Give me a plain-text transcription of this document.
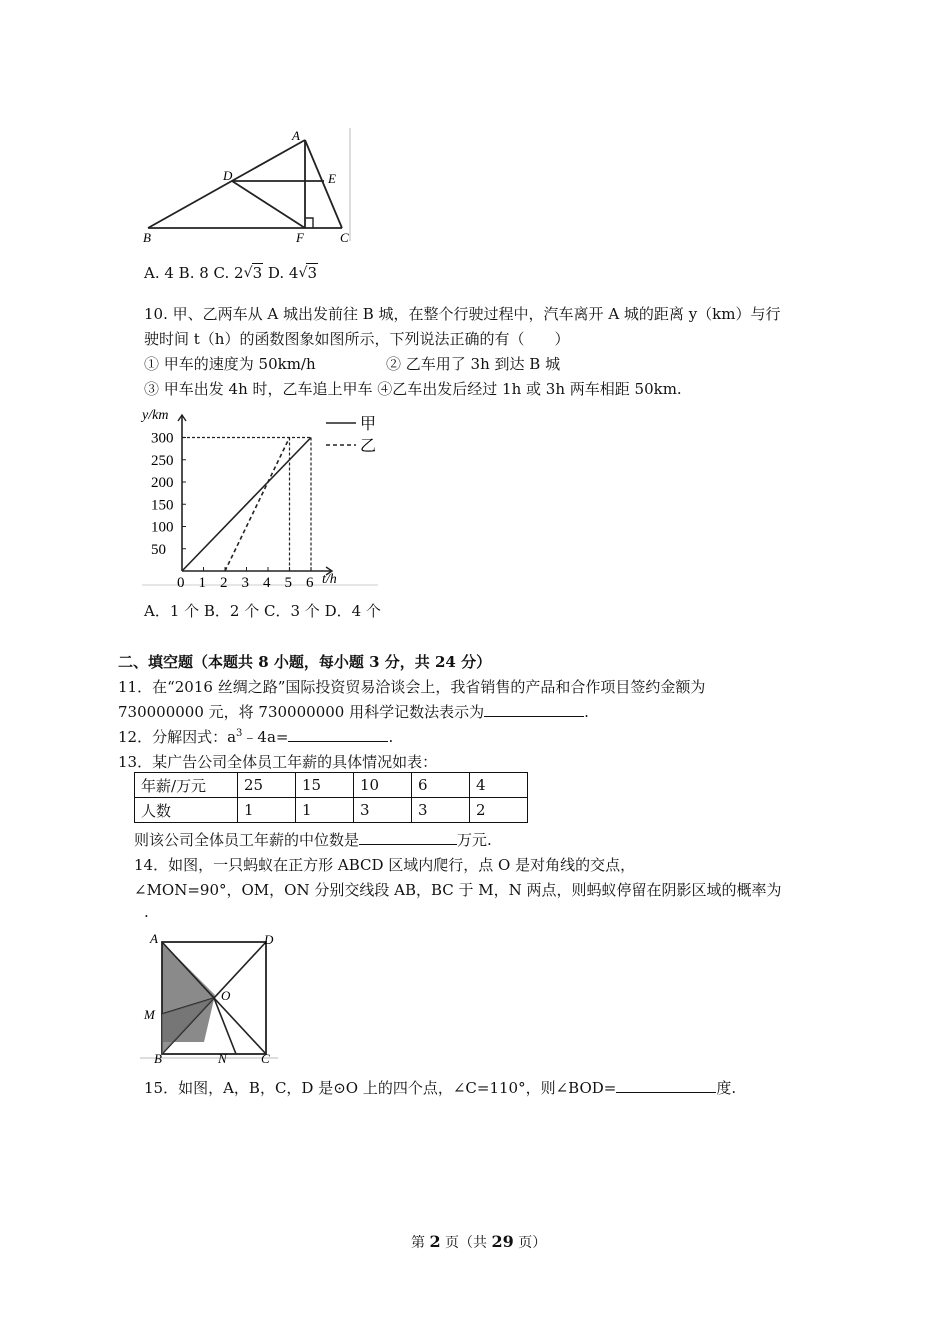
A
D	E
B	F	C
A. 4 B. 8 C. 2 √ 3 D. 4 √ 3
10. 甲、乙两车从 A 城出发前往 B 城，在整个行驶过程中，汽车离开 A 城的距离 y（km）与行
驶时间 t（h）的函数图象如图所示，下列说法正确的有（　　）
① 甲车的速度为 50km/h	② 乙车用了 3h 到达 B 城
③ 甲车出发 4h 时，乙车追上甲车 ④乙车出发后经过 1h 或 3h 两车相距 50km.
y/km
t/h
0 1 2 3 4 5 6
50
100
150
200
250
300
甲
乙
A．1 个 B．2 个 C．3 个 D．4 个
二、填空题（本题共 8 小题，每小题 3 分，共 24 分）
11．在“2016 丝绸之路”国际投资贸易洽谈会上，我省销售的产品和合作项目签约金额为
730000000 元，将 730000000 用科学记数法表示为	.
12．分解因式：$a^3﹣4a=$	.
13．某广告公司全体员工年薪的具体情况如表：
年薪/万元	25	15	10	6	4
人数	1	1	3	3	2
则该公司全体员工年薪的中位数是	万元.
14．如图，一只蚂蚁在正方形 ABCD 区域内爬行，点 O 是对角线的交点，
∠MON=90°，OM，ON 分别交线段 AB，BC 于 M，N 两点，则蚂蚁停留在阴影区域的概率为
.
A	D
O
M
B	N	C
15．如图，A，B，C，D 是⊙O 上的四个点，∠C=110°，则∠BOD=	度.
第 2 页（共 29 页）
